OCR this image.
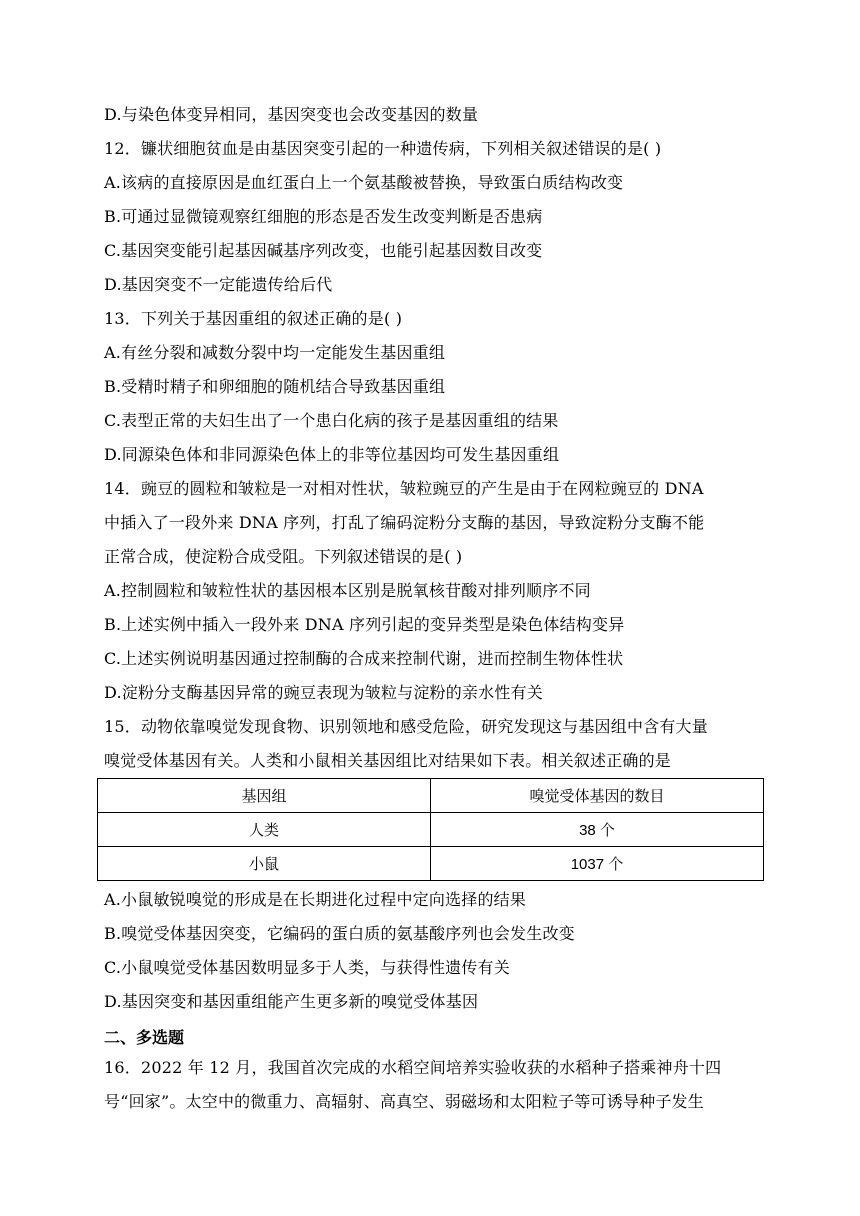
D.与染色体变异相同，基因突变也会改变基因的数量
12．镰状细胞贫血是由基因突变引起的一种遗传病，下列相关叙述错误的是( )
A.该病的直接原因是血红蛋白上一个氨基酸被替换，导致蛋白质结构改变
B.可通过显微镜观察红细胞的形态是否发生改变判断是否患病
C.基因突变能引起基因碱基序列改变，也能引起基因数目改变
D.基因突变不一定能遗传给后代
13．下列关于基因重组的叙述正确的是( )
A.有丝分裂和减数分裂中均一定能发生基因重组
B.受精时精子和卵细胞的随机结合导致基因重组
C.表型正常的夫妇生出了一个患白化病的孩子是基因重组的结果
D.同源染色体和非同源染色体上的非等位基因均可发生基因重组
14．豌豆的圆粒和皱粒是一对相对性状，皱粒豌豆的产生是由于在网粒豌豆的 DNA
中插入了一段外来 DNA 序列，打乱了编码淀粉分支酶的基因，导致淀粉分支酶不能
正常合成，使淀粉合成受阻。下列叙述错误的是( )
A.控制圆粒和皱粒性状的基因根本区别是脱氧核苷酸对排列顺序不同
B.上述实例中插入一段外来 DNA 序列引起的变异类型是染色体结构变异
C.上述实例说明基因通过控制酶的合成来控制代谢，进而控制生物体性状
D.淀粉分支酶基因异常的豌豆表现为皱粒与淀粉的亲水性有关
15．动物依靠嗅觉发现食物、识别领地和感受危险，研究发现这与基因组中含有大量
嗅觉受体基因有关。人类和小鼠相关基因组比对结果如下表。相关叙述正确的是
基因组	嗅觉受体基因的数目
人类	38 个
小鼠	1037 个
A.小鼠敏锐嗅觉的形成是在长期进化过程中定向选择的结果
B.嗅觉受体基因突变，它编码的蛋白质的氨基酸序列也会发生改变
C.小鼠嗅觉受体基因数明显多于人类，与获得性遗传有关
D.基因突变和基因重组能产生更多新的嗅觉受体基因
二、多选题
16．2022 年 12 月，我国首次完成的水稻空间培养实验收获的水稻种子搭乘神舟十四
号“回家”。太空中的微重力、高辐射、高真空、弱磁场和太阳粒子等可诱导种子发生
